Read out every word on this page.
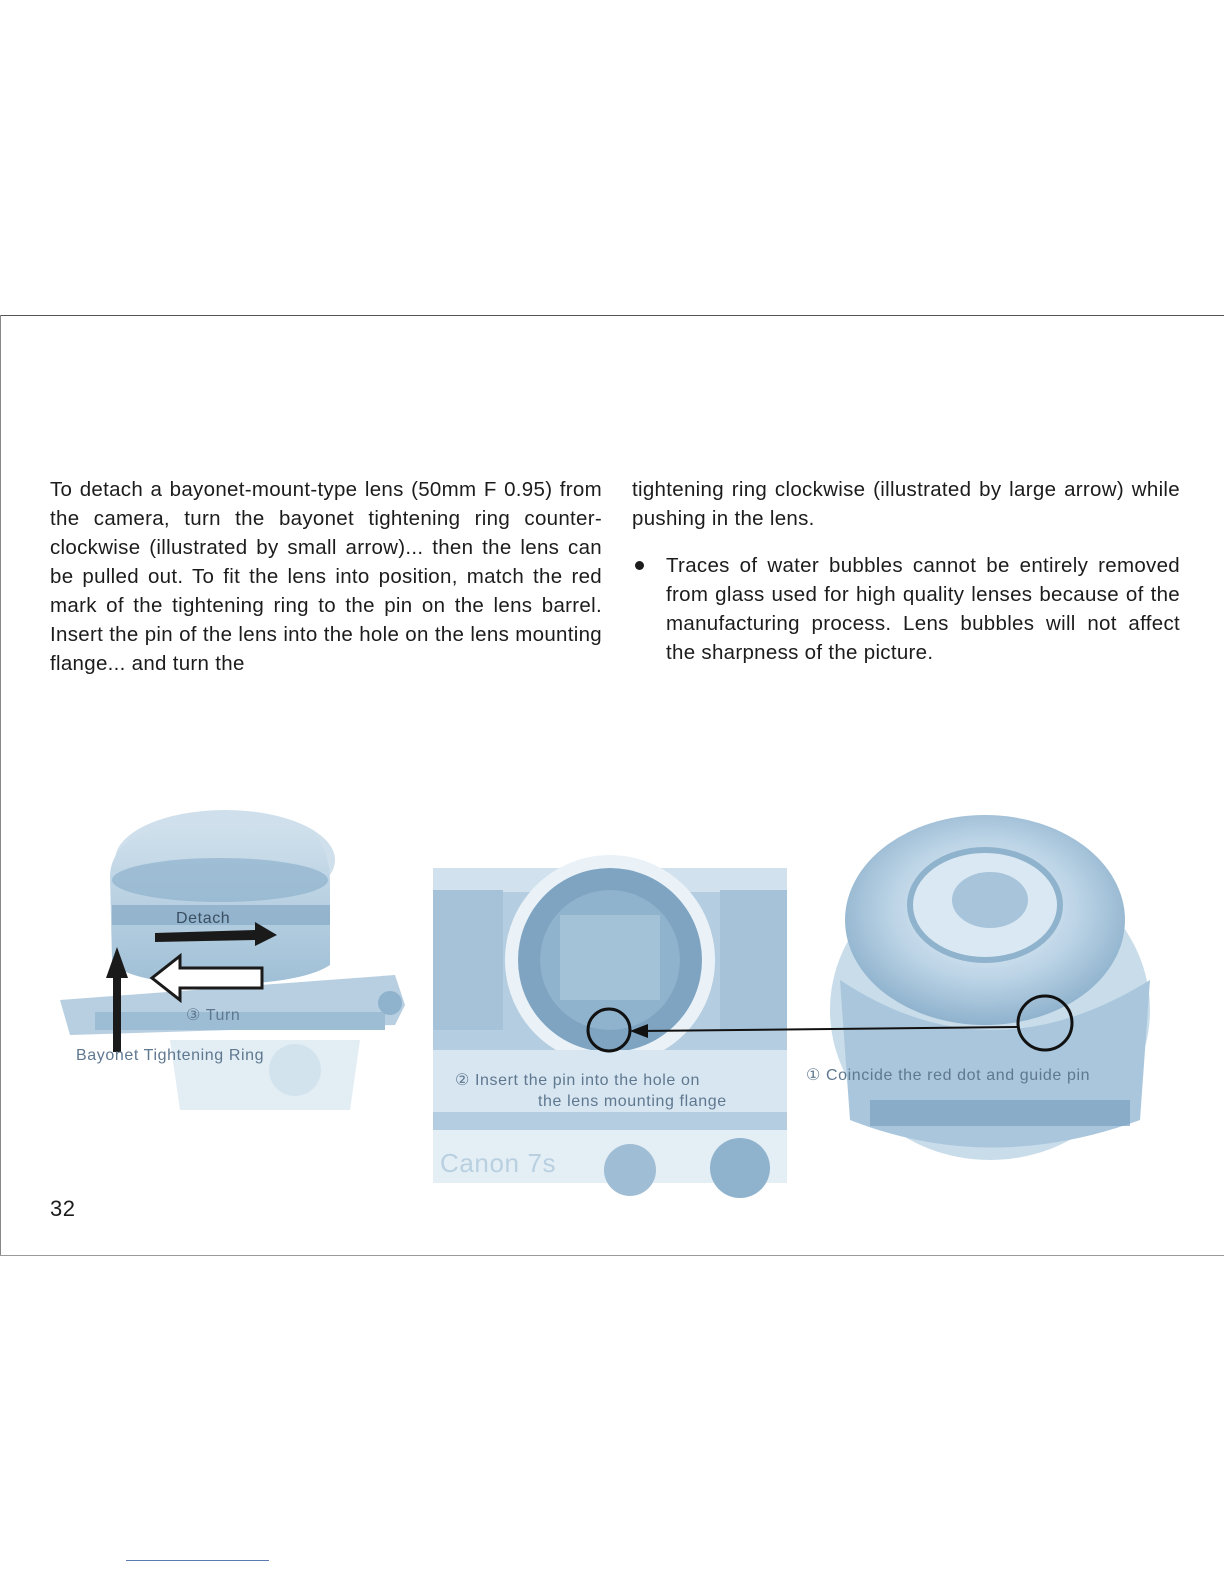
To detach a bayonet-mount-type lens (50mm F 0.95) from the camera, turn the bayonet tightening ring counter-clockwise (illustrated by small arrow)... then the lens can be pulled out. To fit the lens into position, match the red mark of the tightening ring to the pin on the lens barrel. Insert the pin of the lens into the hole on the lens mounting flange... and turn the

tightening ring clockwise (illustrated by large arrow) while pushing in the lens.

Traces of water bubbles cannot be entirely removed from glass used for high quality lenses because of the manufacturing process. Lens bubbles will not affect the sharpness of the picture.

Detach
③ Turn
Bayonet Tightening Ring
Canon 7s
② Insert the pin into the hole on
the lens mounting flange
① Coincide the red dot and guide pin
32
